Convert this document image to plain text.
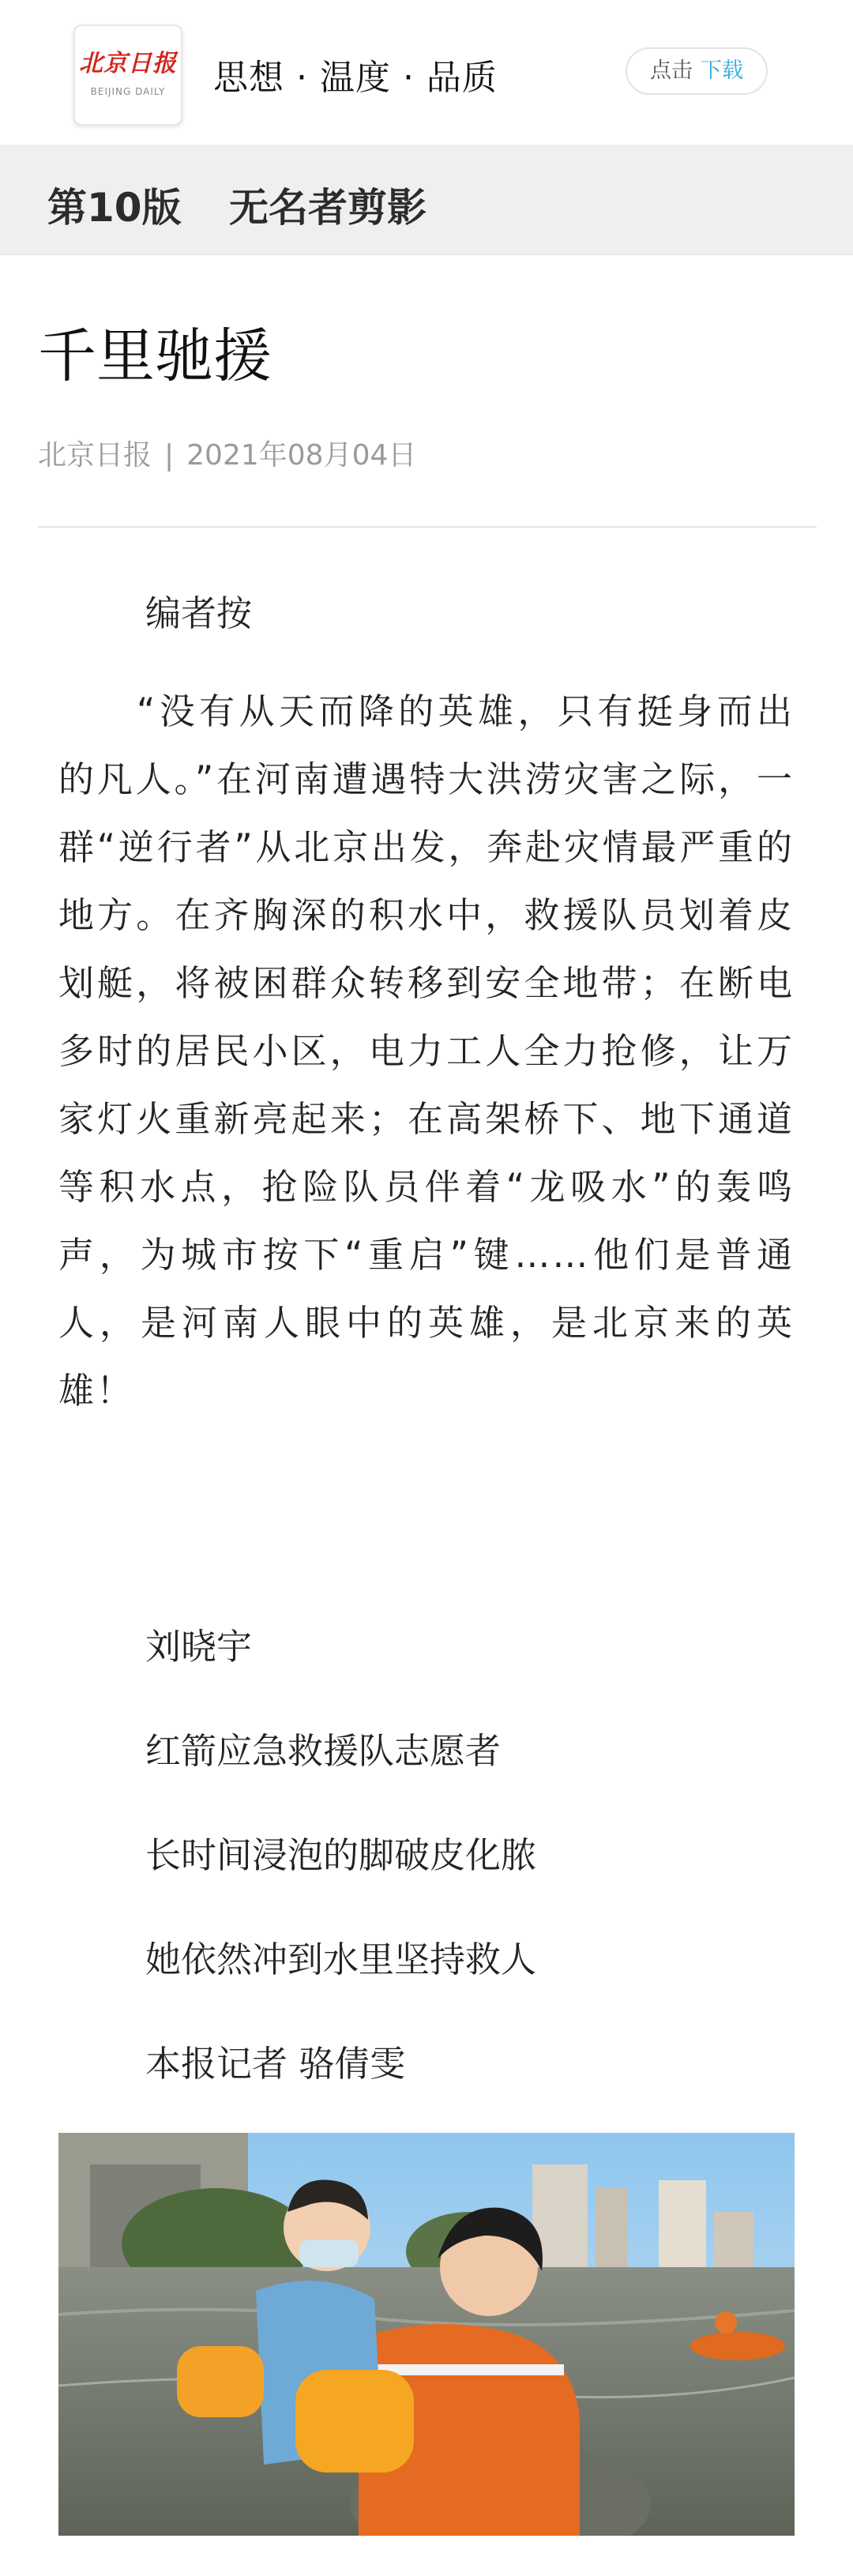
北京日报
BEIJING DAILY	思想 · 温度 · 品质	点击 下载
第10版 无名者剪影
千里驰援
北京日报 | 2021年08月04日
编者按
“没有从天而降的英雄，只有挺身而出的凡人。”在河南遭遇特大洪涝灾害之际，一群“逆行者”从北京出发，奔赴灾情最严重的地方。在齐胸深的积水中，救援队员划着皮划艇，将被困群众转移到安全地带；在断电多时的居民小区，电力工人全力抢修，让万家灯火重新亮起来；在高架桥下、地下通道等积水点，抢险队员伴着“龙吸水”的轰鸣声，为城市按下“重启”键……他们是普通人，是河南人眼中的英雄，是北京来的英雄！
刘晓宇
红箭应急救援队志愿者
长时间浸泡的脚破皮化脓
她依然冲到水里坚持救人
本报记者 骆倩雯
